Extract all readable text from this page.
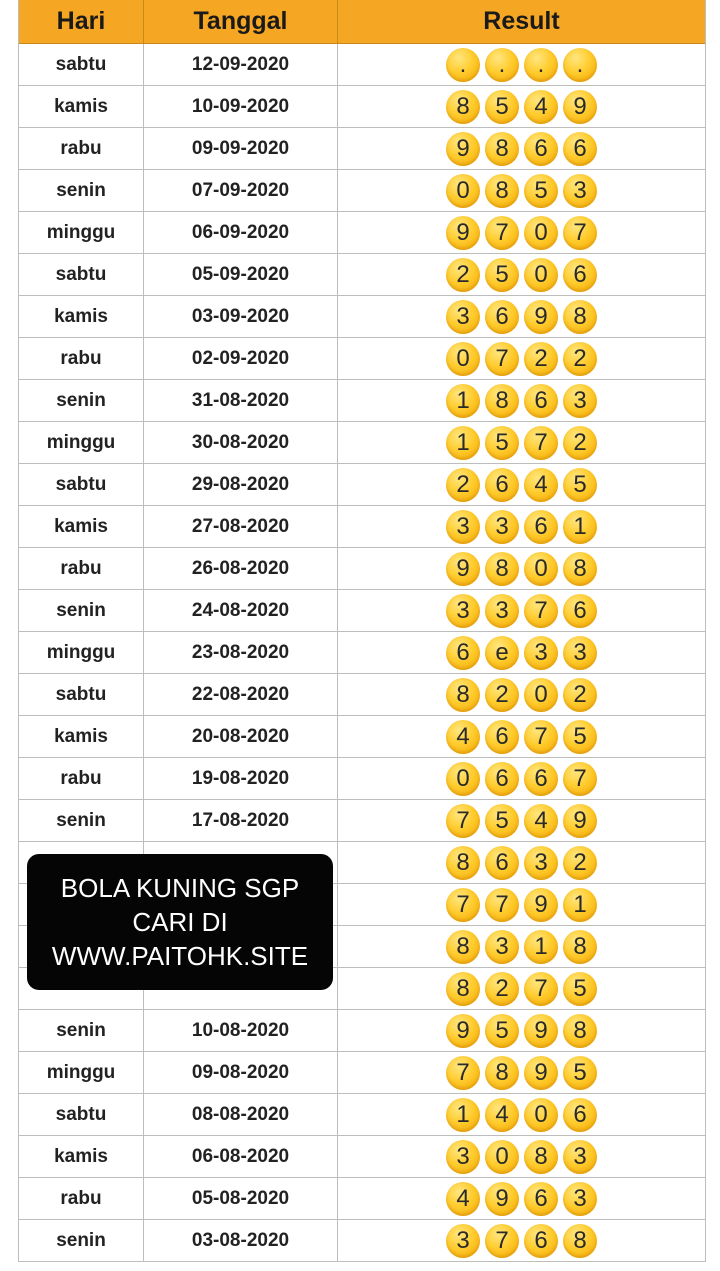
Hari	Tanggal	Result
sabtu	12-09-2020	.	.	.	.
kamis	10-09-2020	8	5	4	9
rabu	09-09-2020	9	8	6	6
senin	07-09-2020	0	8	5	3
minggu	06-09-2020	9	7	0	7
sabtu	05-09-2020	2	5	0	6
kamis	03-09-2020	3	6	9	8
rabu	02-09-2020	0	7	2	2
senin	31-08-2020	1	8	6	3
minggu	30-08-2020	1	5	7	2
sabtu	29-08-2020	2	6	4	5
kamis	27-08-2020	3	3	6	1
rabu	26-08-2020	9	8	0	8
senin	24-08-2020	3	3	7	6
minggu	23-08-2020	6	e	3	3
sabtu	22-08-2020	8	2	0	2
kamis	20-08-2020	4	6	7	5
rabu	19-08-2020	0	6	6	7
senin	17-08-2020	7	5	4	9
8	6	3	2
7	7	9	1
8	3	1	8
8	2	7	5
senin	10-08-2020	9	5	9	8
minggu	09-08-2020	7	8	9	5
sabtu	08-08-2020	1	4	0	6
kamis	06-08-2020	3	0	8	3
rabu	05-08-2020	4	9	6	3
senin	03-08-2020	3	7	6	8
BOLA KUNING SGP
CARI DI
WWW.PAITOHK.SITE
